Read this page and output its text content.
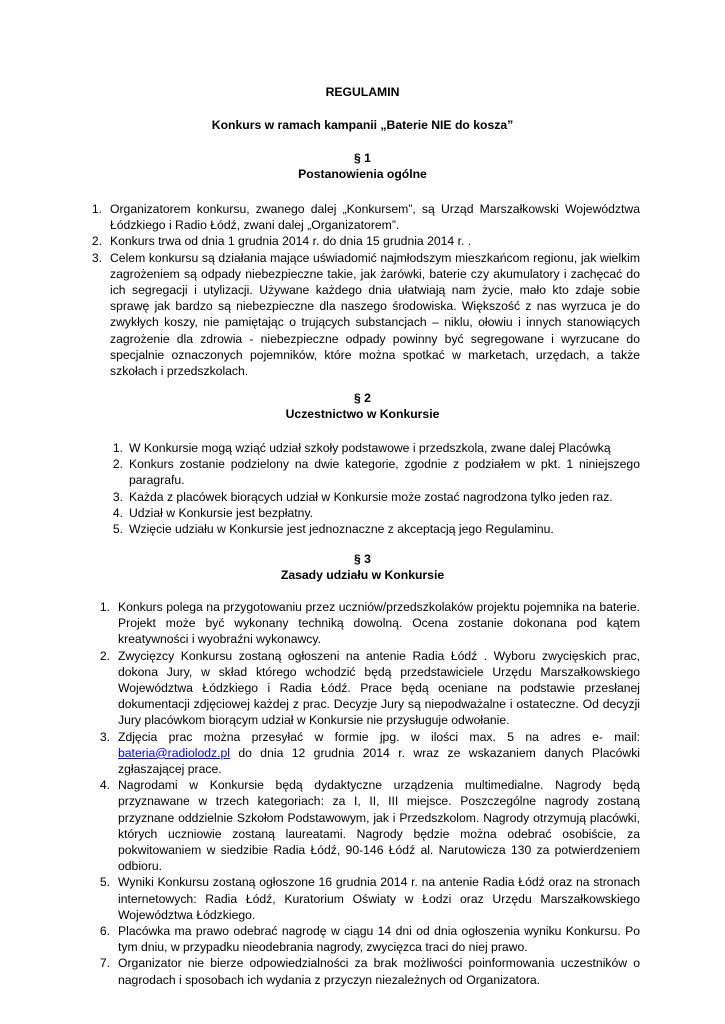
REGULAMIN
Konkurs w ramach kampanii „Baterie NIE do kosza”
§ 1
Postanowienia ogólne
1. Organizatorem konkursu, zwanego dalej „Konkursem”, są Urząd Marszałkowski Województwa Łódzkiego i Radio Łódź, zwani dalej „Organizatorem”.
2. Konkurs trwa od dnia 1 grudnia 2014 r. do dnia 15 grudnia 2014 r. .
3. Celem konkursu są działania mające uświadomić najmłodszym mieszkańcom regionu, jak wielkim zagrożeniem są odpady niebezpieczne takie, jak żarówki, baterie czy akumulatory i zachęcać do ich segregacji i utylizacji. Używane każdego dnia ułatwiają nam życie, mało kto zdaje sobie sprawę jak bardzo są niebezpieczne dla naszego środowiska. Większość z nas wyrzuca je do zwykłych koszy, nie pamiętając o trujących substancjach – niklu, ołowiu i innych stanowiących zagrożenie dla zdrowia - niebezpieczne odpady powinny być segregowane i wyrzucane do specjalnie oznaczonych pojemników, które można spotkać w marketach, urzędach, a także szkołach i przedszkolach.
§ 2
Uczestnictwo w Konkursie
1. W Konkursie mogą wziąć udział szkoły podstawowe i przedszkola, zwane dalej Placówką
2. Konkurs zostanie podzielony na dwie kategorie, zgodnie z podziałem w pkt. 1 niniejszego paragrafu.
3. Każda z placówek biorących udział w Konkursie może zostać nagrodzona tylko jeden raz.
4. Udział w Konkursie jest bezpłatny.
5. Wzięcie udziału w Konkursie jest jednoznaczne z akceptacją jego Regulaminu.
§ 3
Zasady udziału w Konkursie
1. Konkurs polega na przygotowaniu przez uczniów/przedszkolaków projektu pojemnika na baterie. Projekt może być wykonany techniką dowolną. Ocena zostanie dokonana pod kątem kreatywności i wyobraźni wykonawcy.
2. Zwycięzcy Konkursu zostaną ogłoszeni na antenie Radia Łódź . Wyboru zwycięskich prac, dokona Jury, w skład którego wchodzić będą przedstawiciele Urzędu Marszałkowskiego Województwa Łódzkiego i Radia Łódź. Prace będą oceniane na podstawie przesłanej dokumentacji zdjęciowej każdej z prac. Decyzje Jury są niepodważalne i ostateczne. Od decyzji Jury placówkom biorącym udział w Konkursie nie przysługuje odwołanie.
3. Zdjęcia prac można przesyłać w formie jpg. w ilości max. 5 na adres e- mail: bateria@radiolodz.pl do dnia 12 grudnia 2014 r. wraz ze wskazaniem danych Placówki zgłaszającej prace.
4. Nagrodami w Konkursie będą dydaktyczne urządzenia multimedialne. Nagrody będą przyznawane w trzech kategoriach: za I, II, III miejsce. Poszczególne nagrody zostaną przyznane oddzielnie Szkołom Podstawowym, jak i Przedszkolom. Nagrody otrzymują placówki, których uczniowie zostaną laureatami. Nagrody będzie można odebrać osobiście, za pokwitowaniem w siedzibie Radia Łódź, 90-146 Łódź al. Narutowicza 130 za potwierdzeniem odbioru.
5. Wyniki Konkursu zostaną ogłoszone 16 grudnia 2014 r. na antenie Radia Łódź oraz na stronach internetowych: Radia Łódź, Kuratorium Oświaty w Łodzi oraz Urzędu Marszałkowskiego Województwa Łódzkiego.
6. Placówka ma prawo odebrać nagrodę w ciągu 14 dni od dnia ogłoszenia wyniku Konkursu. Po tym dniu, w przypadku nieodebrania nagrody, zwycięzca traci do niej prawo.
7. Organizator nie bierze odpowiedzialności za brak możliwości poinformowania uczestników o nagrodach i sposobach ich wydania z przyczyn niezależnych od Organizatora.
